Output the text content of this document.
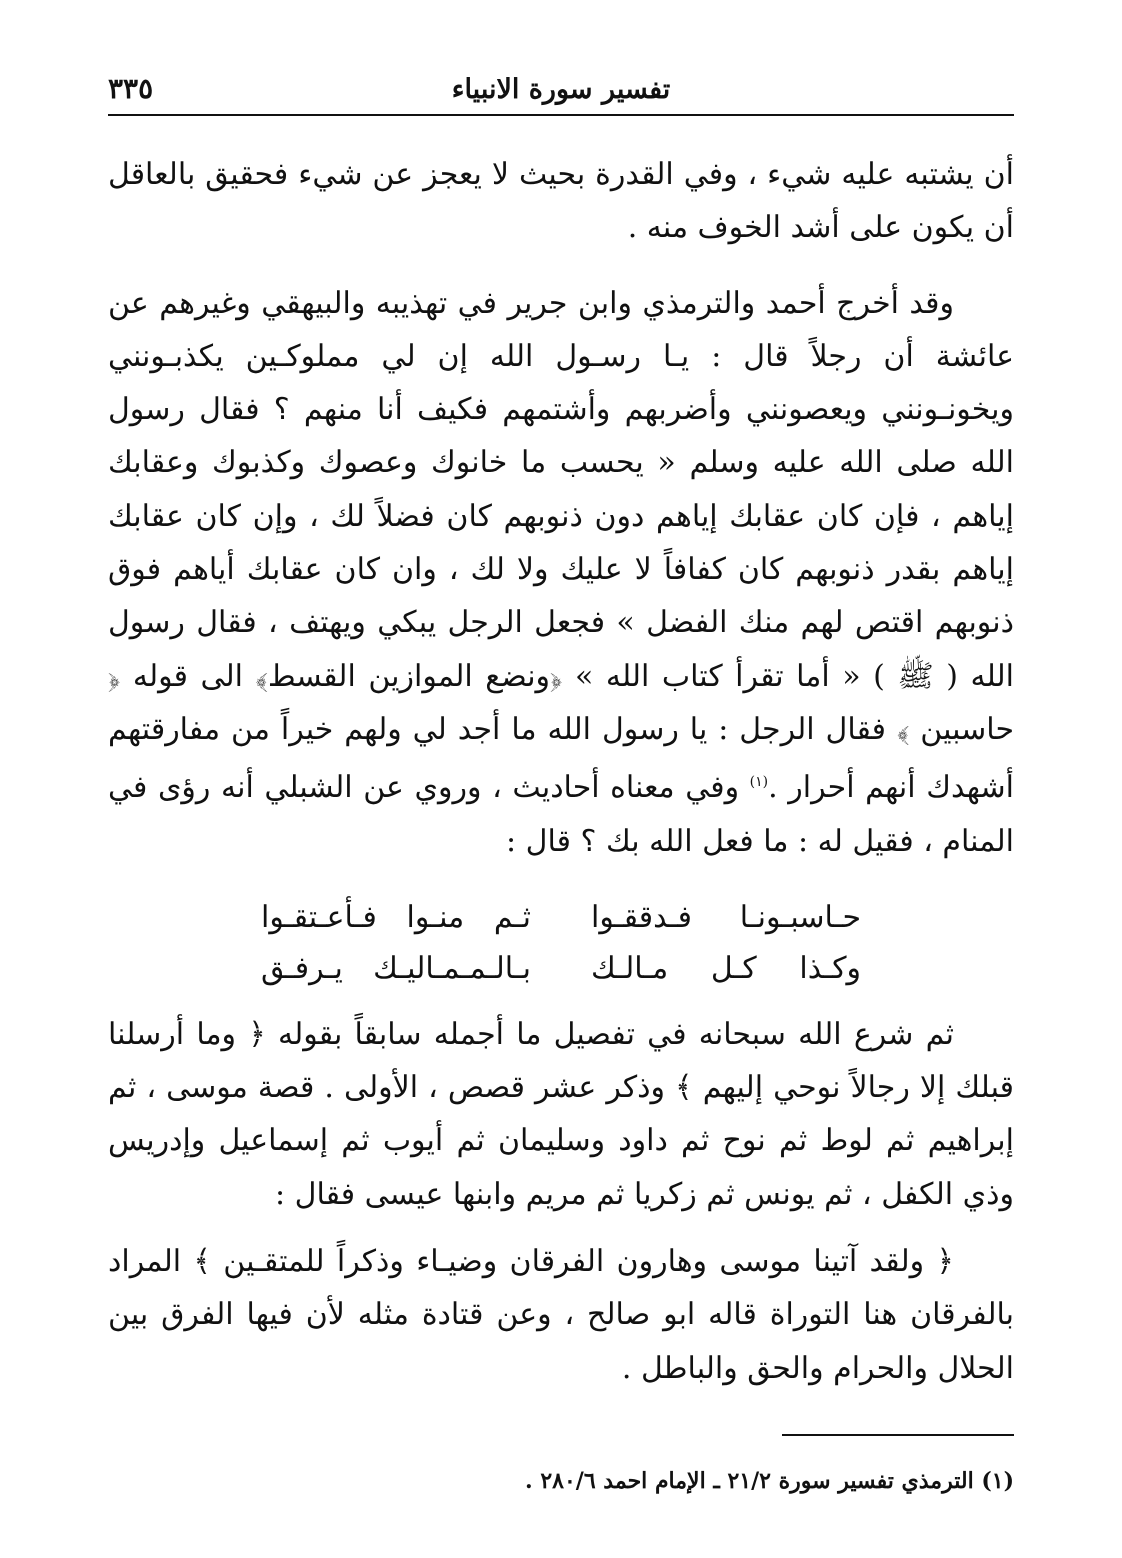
تفسير سورة الانبياء
٣٣٥

أن يشتبه عليه شيء ، وفي القدرة بحيث لا يعجز عن شيء فحقيق بالعاقل أن يكون على أشد الخوف منه .

وقد أخرج أحمد والترمذي وابن جرير في تهذيبه والبيهقي وغيرهم عن عائشة أن رجلاً قال : يـا رسـول الله إن لي مملوكـين يكذبـونني ويخونـونني ويعصونني وأضربهم وأشتمهم فكيف أنا منهم ؟ فقال رسول الله صلى الله عليه وسلم « يحسب ما خانوك وعصوك وكذبوك وعقابك إياهم ، فإن كان عقابك إياهم دون ذنوبهم كان فضلاً لك ، وإن كان عقابك إياهم بقدر ذنوبهم كان كفافاً لا عليك ولا لك ، وان كان عقابك أياهم فوق ذنوبهم اقتص لهم منك الفضل » فجعل الرجل يبكي ويهتف ، فقال رسول الله ( ﷺ ) « أما تقرأ كتاب الله » ﴿ونضع الموازين القسط﴾ الى قوله ﴿ حاسبين ﴾ فقال الرجل : يا رسول الله ما أجد لي ولهم خيراً من مفارقتهم أشهدك أنهم أحرار .$^{(١)}$ وفي معناه أحاديث ، وروي عن الشبلي أنه رؤى في المنام ، فقيل له : ما فعل الله بك ؟ قال :

حـاسبـونـا فـدققـوا
ثـم منـوا فـأعـتقـوا
وكـذا كـل مـالـك
بـالـمـمـاليـك يـرفـق

ثم شرع الله سبحانه في تفصيل ما أجمله سابقاً بقوله ﴿ وما أرسلنا قبلك إلا رجالاً نوحي إليهم ﴾ وذكر عشر قصص ، الأولى . قصة موسى ، ثم إبراهيم ثم لوط ثم نوح ثم داود وسليمان ثم أيوب ثم إسماعيل وإدريس وذي الكفل ، ثم يونس ثم زكريا ثم مريم وابنها عيسى فقال :

﴿ ولقد آتينا موسى وهارون الفرقان وضيـاء وذكراً للمتقـين ﴾ المراد بالفرقان هنا التوراة قاله ابو صالح ، وعن قتادة مثله لأن فيها الفرق بين الحلال والحرام والحق والباطل .

(١) الترمذي تفسير سورة ٢١/٢ ـ الإمام احمد ٢٨٠/٦ .
